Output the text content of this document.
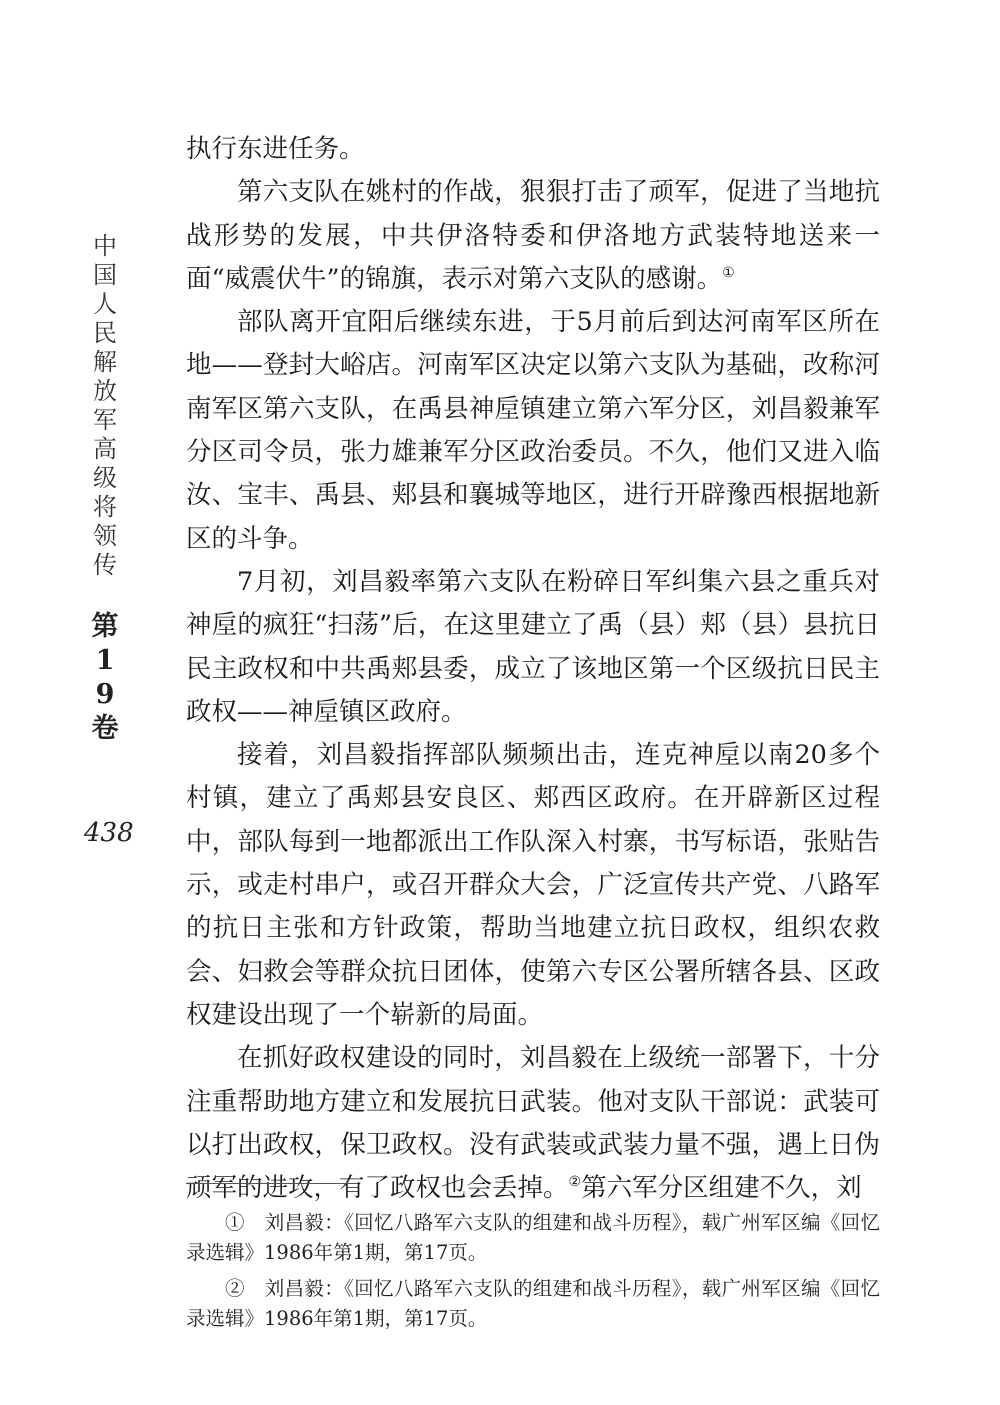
中国人民解放军高级将领传
第19卷
438

执行东进任务。

第六支队在姚村的作战，狠狠打击了顽军，促进了当地抗战形势的发展，中共伊洛特委和伊洛地方武装特地送来一面“威震伏牛”的锦旗，表示对第六支队的感谢。①

部队离开宜阳后继续东进，于5月前后到达河南军区所在地——登封大峪店。河南军区决定以第六支队为基础，改称河南军区第六支队，在禹县神垕镇建立第六军分区，刘昌毅兼军分区司令员，张力雄兼军分区政治委员。不久，他们又进入临汝、宝丰、禹县、郏县和襄城等地区，进行开辟豫西根据地新区的斗争。

7月初，刘昌毅率第六支队在粉碎日军纠集六县之重兵对神垕的疯狂“扫荡”后，在这里建立了禹（县）郏（县）县抗日民主政权和中共禹郏县委，成立了该地区第一个区级抗日民主政权——神垕镇区政府。

接着，刘昌毅指挥部队频频出击，连克神垕以南20多个村镇，建立了禹郏县安良区、郏西区政府。在开辟新区过程中，部队每到一地都派出工作队深入村寨，书写标语，张贴告示，或走村串户，或召开群众大会，广泛宣传共产党、八路军的抗日主张和方针政策，帮助当地建立抗日政权，组织农救会、妇救会等群众抗日团体，使第六专区公署所辖各县、区政权建设出现了一个崭新的局面。

在抓好政权建设的同时，刘昌毅在上级统一部署下，十分注重帮助地方建立和发展抗日武装。他对支队干部说：武装可以打出政权，保卫政权。没有武装或武装力量不强，遇上日伪顽军的进攻，有了政权也会丢掉。②第六军分区组建不久，刘

①　刘昌毅：《回忆八路军六支队的组建和战斗历程》，载广州军区编《回忆录选辑》1986年第1期，第17页。

②　刘昌毅：《回忆八路军六支队的组建和战斗历程》，载广州军区编《回忆录选辑》1986年第1期，第17页。
